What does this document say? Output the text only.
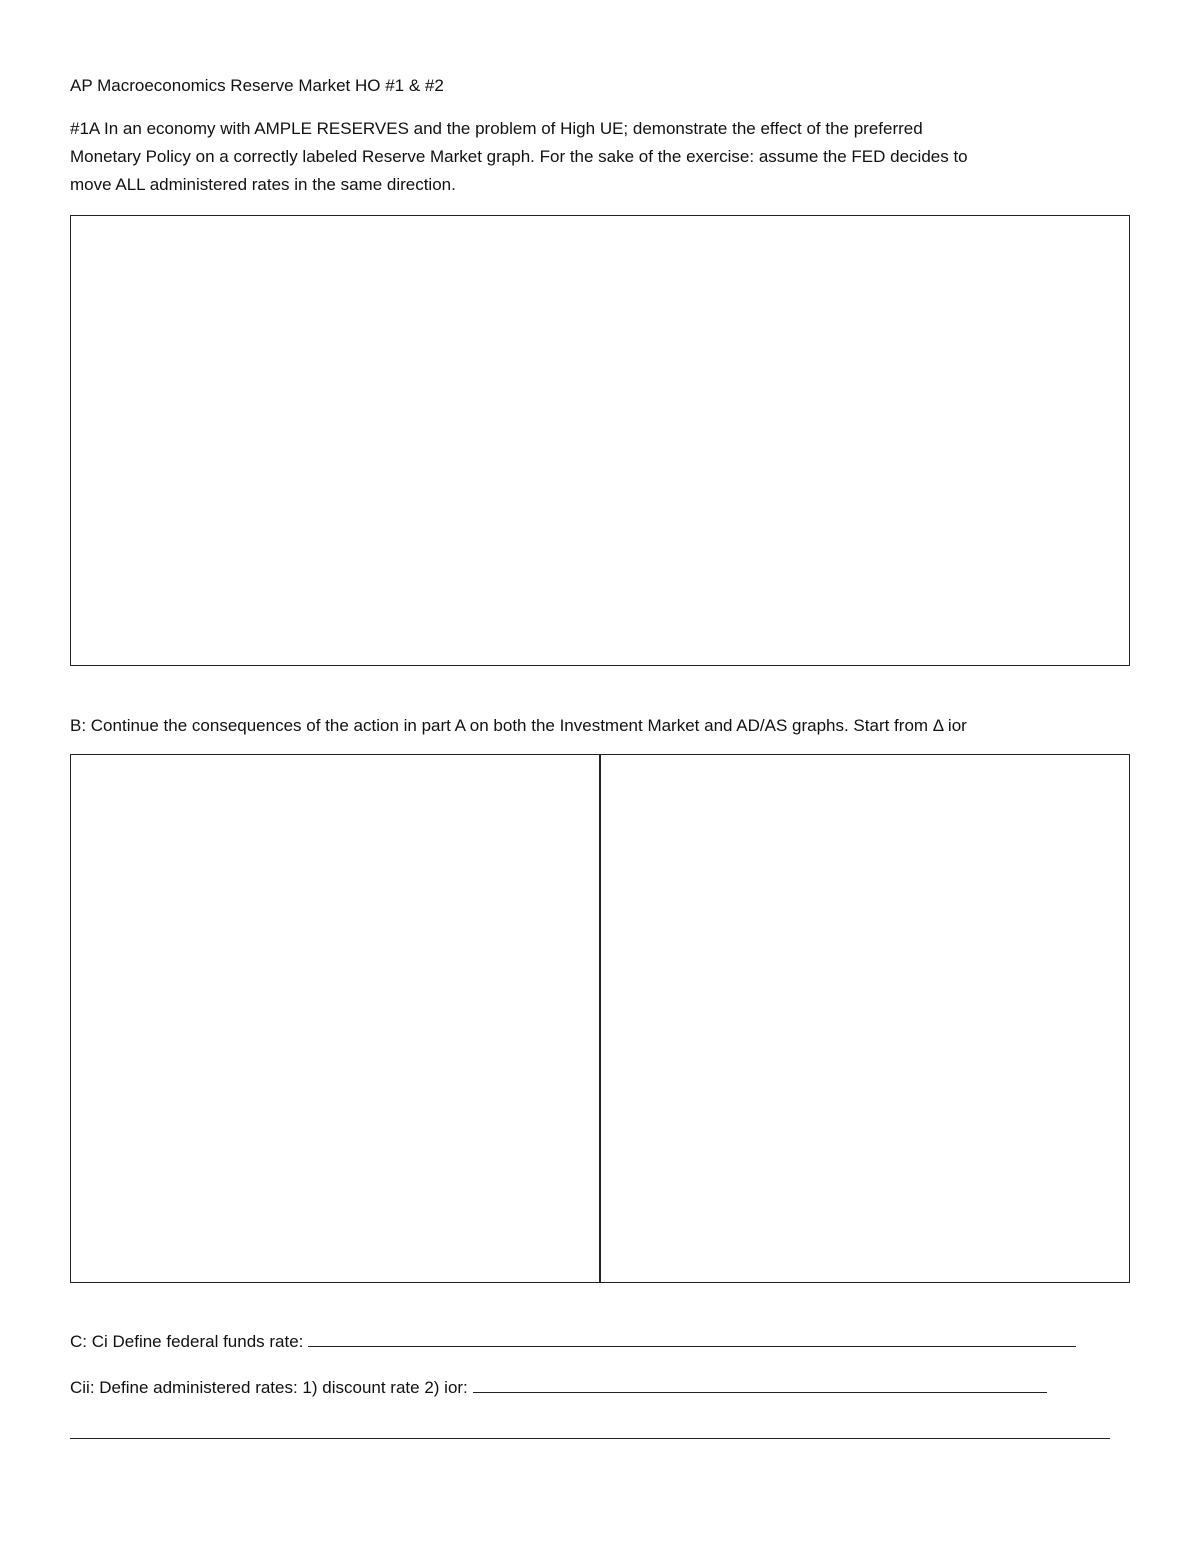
AP Macroeconomics Reserve Market HO #1 & #2
#1A In an economy with AMPLE RESERVES and the problem of High UE; demonstrate the effect of the preferred
Monetary Policy on a correctly labeled Reserve Market graph. For the sake of the exercise: assume the FED decides to
move ALL administered rates in the same direction.
B: Continue the consequences of the action in part A on both the Investment Market and AD/AS graphs. Start from Δ ior
C: Ci Define federal funds rate:
Cii: Define administered rates: 1) discount rate 2) ior:
